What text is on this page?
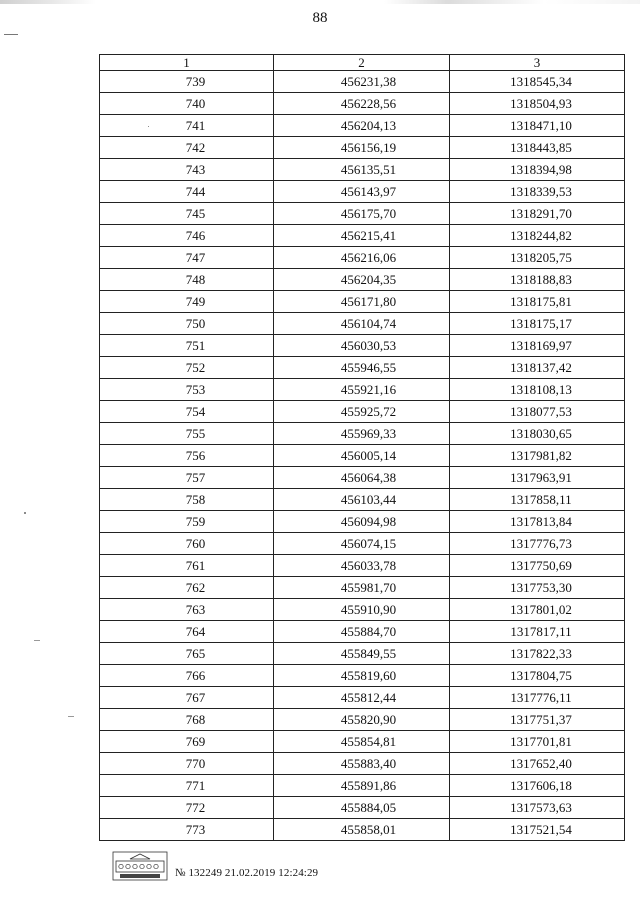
88
1	2	3
739	456231,38	1318545,34
740	456228,56	1318504,93
741	456204,13	1318471,10
742	456156,19	1318443,85
743	456135,51	1318394,98
744	456143,97	1318339,53
745	456175,70	1318291,70
746	456215,41	1318244,82
747	456216,06	1318205,75
748	456204,35	1318188,83
749	456171,80	1318175,81
750	456104,74	1318175,17
751	456030,53	1318169,97
752	455946,55	1318137,42
753	455921,16	1318108,13
754	455925,72	1318077,53
755	455969,33	1318030,65
756	456005,14	1317981,82
757	456064,38	1317963,91
758	456103,44	1317858,11
759	456094,98	1317813,84
760	456074,15	1317776,73
761	456033,78	1317750,69
762	455981,70	1317753,30
763	455910,90	1317801,02
764	455884,70	1317817,11
765	455849,55	1317822,33
766	455819,60	1317804,75
767	455812,44	1317776,11
768	455820,90	1317751,37
769	455854,81	1317701,81
770	455883,40	1317652,40
771	455891,86	1317606,18
772	455884,05	1317573,63
773	455858,01	1317521,54
№ 132249 21.02.2019 12:24:29
